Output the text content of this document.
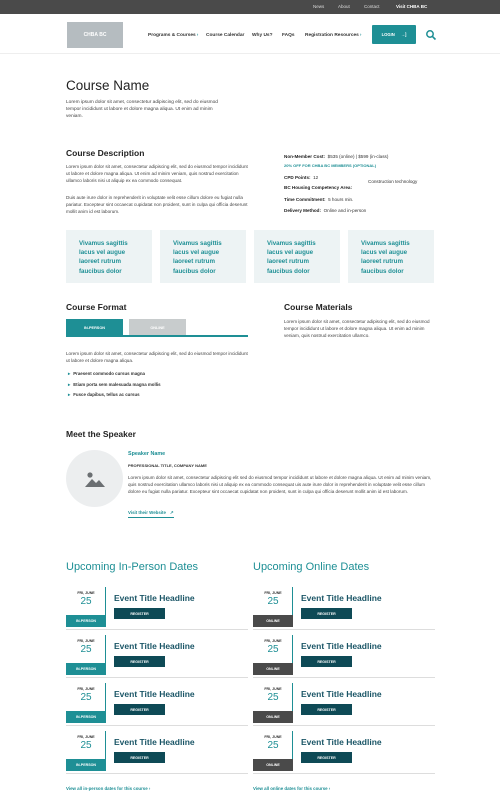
News	About	Contact	Visit CHBA BC
CHBA BC	Programs & Courses› Course Calendar Why Us? FAQs Registration Resources›	LOGIN →]
Course Name
Lorem ipsum dolor sit amet, consectetur adipiscing elit, sed do eiusmod tempor incididunt ut labore et dolore magna aliqua. Ut enim ad minim veniam.
Course Description
Lorem ipsum dolor sit amet, consectetur adipiscing elit, sed do eiusmod tempor incididunt ut labore et dolore magna aliqua. Ut enim ad minim veniam, quis nostrud exercitation ullamco laboris nisi ut aliquip ex ea commodo consequat.
Duis aute irure dolor in reprehenderit in voluptate velit esse cillum dolore eu fugiat nulla pariatur. Excepteur sint occaecat cupidatat non proident, sunt in culpa qui officia deserunt mollit anim id est laborum.
Non-Member Cost: $535 (online) | $599 (in-class)
20% OFF FOR CHBA BC MEMBERS (OPTIONAL)
CPD Points: 12
BC Housing Competency Area:
Construction technology
Time Commitment: 5 hours min.
Delivery Method: Online and in-person
Vivamus sagittis lacus vel augue laoreet rutrum faucibus dolor
Vivamus sagittis lacus vel augue laoreet rutrum faucibus dolor
Vivamus sagittis lacus vel augue laoreet rutrum faucibus dolor
Vivamus sagittis lacus vel augue laoreet rutrum faucibus dolor
Course Format
IN-PERSON	ONLINE
Lorem ipsum dolor sit amet, consectetur adipiscing elit, sed do eiusmod tempor incididunt ut labore et dolore magna aliqua.
▸ Praesent commodo cursus magna
▸ Etiam porta sem malesuada magna mollis
▸ Fusce dapibus, tellus ac cursus
Course Materials
Lorem ipsum dolor sit amet, consectetur adipiscing elit, sed do eiusmod tempor incididunt ut labore et dolore magna aliqua. Ut enim ad minim veniam, quis nostrud exercitation ullamco.
Meet the Speaker
Speaker Name
PROFESSIONAL TITLE, COMPANY NAME
Lorem ipsum dolor sit amet, consectetur adipiscing elit sed do eiusmod tempor incididunt ut labore et dolore magna aliqua. Ut enim ad minim veniam, quis nostrud exercitation ullamco laboris nisi ut aliquip ex ea commodo consequat uis aute irure dolor in reprehenderit in voluptate velit esse cillum dolore eu fugiat nulla pariatur. Excepteur sint occaecat cupidatat non proident, sunt in culpa qui officia deserunt mollit anim id est laborum.
Visit their Website ↗
Upcoming In-Person Dates
FRI, JUNE
25
IN-PERSON
Event Title Headline
REGISTER
FRI, JUNE
25
IN-PERSON
Event Title Headline
REGISTER
FRI, JUNE
25
IN-PERSON
Event Title Headline
REGISTER
FRI, JUNE
25
IN-PERSON
Event Title Headline
REGISTER
View all in-person dates for this course ›
Upcoming Online Dates
FRI, JUNE
25
ONLINE
Event Title Headline
REGISTER
FRI, JUNE
25
ONLINE
Event Title Headline
REGISTER
FRI, JUNE
25
ONLINE
Event Title Headline
REGISTER
FRI, JUNE
25
ONLINE
Event Title Headline
REGISTER
View all online dates for this course ›
